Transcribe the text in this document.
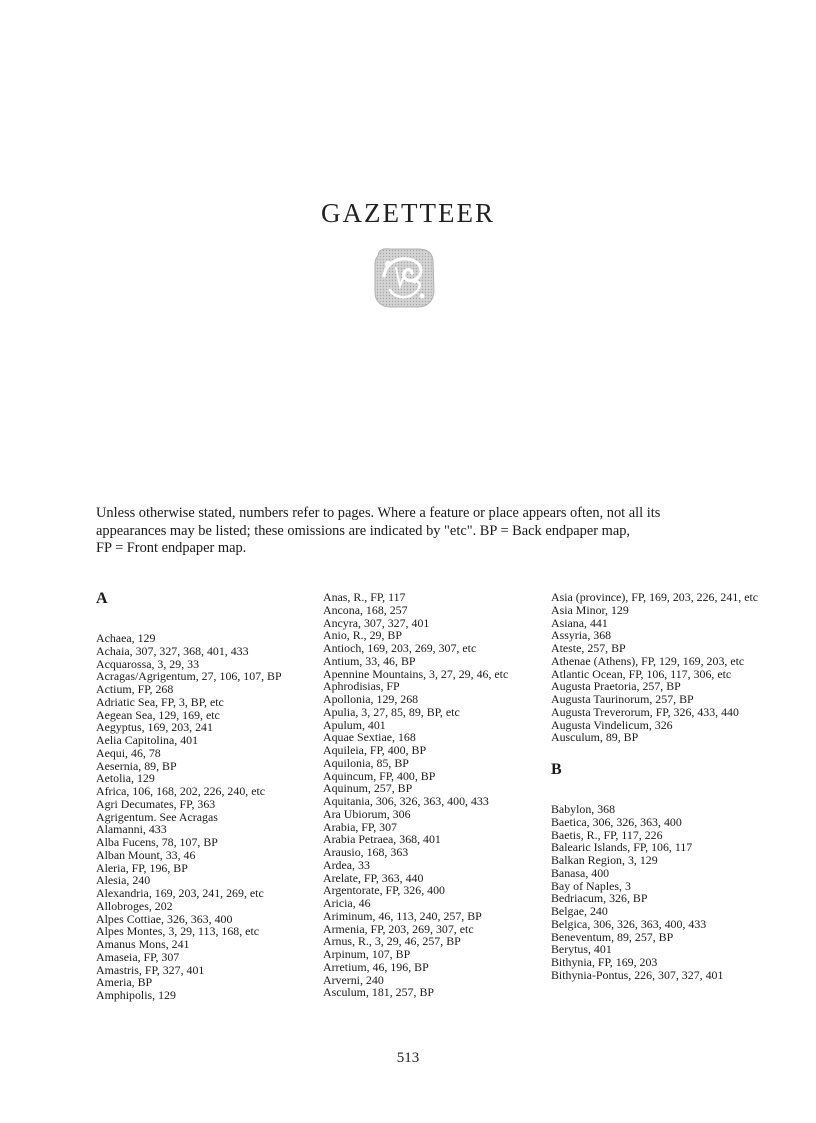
GAZETTEER

Unless otherwise stated, numbers refer to pages. Where a feature or place appears often, not all its

appearances may be listed; these omissions are indicated by "etc". BP = Back endpaper map,

FP = Front endpaper map.

A
Achaea, 129
Achaia, 307, 327, 368, 401, 433
Acquarossa, 3, 29, 33
Acragas/Agrigentum, 27, 106, 107, BP
Actium, FP, 268
Adriatic Sea, FP, 3, BP, etc
Aegean Sea, 129, 169, etc
Aegyptus, 169, 203, 241
Aelia Capitolina, 401
Aequi, 46, 78
Aesernia, 89, BP
Aetolia, 129
Africa, 106, 168, 202, 226, 240, etc
Agri Decumates, FP, 363
Agrigentum. See Acragas
Alamanni, 433
Alba Fucens, 78, 107, BP
Alban Mount, 33, 46
Aleria, FP, 196, BP
Alesia, 240
Alexandria, 169, 203, 241, 269, etc
Allobroges, 202
Alpes Cottiae, 326, 363, 400
Alpes Montes, 3, 29, 113, 168, etc
Amanus Mons, 241
Amaseia, FP, 307
Amastris, FP, 327, 401
Ameria, BP
Amphipolis, 129
Anas, R., FP, 117
Ancona, 168, 257
Ancyra, 307, 327, 401
Anio, R., 29, BP
Antioch, 169, 203, 269, 307, etc
Antium, 33, 46, BP
Apennine Mountains, 3, 27, 29, 46, etc
Aphrodisias, FP
Apollonia, 129, 268
Apulia, 3, 27, 85, 89, BP, etc
Apulum, 401
Aquae Sextiae, 168
Aquileia, FP, 400, BP
Aquilonia, 85, BP
Aquincum, FP, 400, BP
Aquinum, 257, BP
Aquitania, 306, 326, 363, 400, 433
Ara Ubiorum, 306
Arabia, FP, 307
Arabia Petraea, 368, 401
Arausio, 168, 363
Ardea, 33
Arelate, FP, 363, 440
Argentorate, FP, 326, 400
Aricia, 46
Ariminum, 46, 113, 240, 257, BP
Armenia, FP, 203, 269, 307, etc
Arnus, R., 3, 29, 46, 257, BP
Arpinum, 107, BP
Arretium, 46, 196, BP
Arverni, 240
Asculum, 181, 257, BP
Asia (province), FP, 169, 203, 226, 241, etc
Asia Minor, 129
Asiana, 441
Assyria, 368
Ateste, 257, BP
Athenae (Athens), FP, 129, 169, 203, etc
Atlantic Ocean, FP, 106, 117, 306, etc
Augusta Praetoria, 257, BP
Augusta Taurinorum, 257, BP
Augusta Treverorum, FP, 326, 433, 440
Augusta Vindelicum, 326
Ausculum, 89, BP
B
Babylon, 368
Baetica, 306, 326, 363, 400
Baetis, R., FP, 117, 226
Balearic Islands, FP, 106, 117
Balkan Region, 3, 129
Banasa, 400
Bay of Naples, 3
Bedriacum, 326, BP
Belgae, 240
Belgica, 306, 326, 363, 400, 433
Beneventum, 89, 257, BP
Berytus, 401
Bithynia, FP, 169, 203
Bithynia-Pontus, 226, 307, 327, 401
513
